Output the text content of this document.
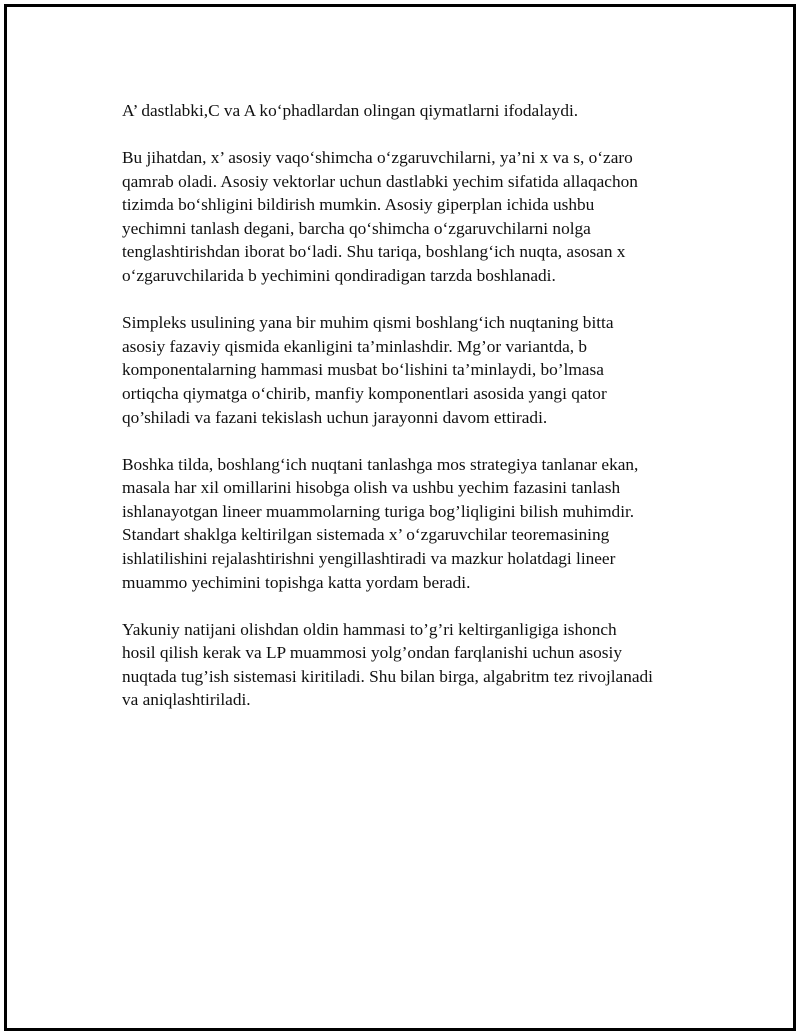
A’ dastlabki,C va A ko‘phadlardan olingan qiymatlarni ifodalaydi.

Bu jihatdan, x’ asosiy vaqo‘shimcha o‘zgaruvchilarni, ya’ni x va s, o‘zaro
qamrab oladi. Asosiy vektorlar uchun dastlabki yechim sifatida allaqachon
tizimda bo‘shligini bildirish mumkin. Asosiy giperplan ichida ushbu
yechimni tanlash degani, barcha qo‘shimcha o‘zgaruvchilarni nolga
tenglashtirishdan iborat bo‘ladi. Shu tariqa, boshlang‘ich nuqta, asosan x
o‘zgaruvchilarida b yechimini qondiradigan tarzda boshlanadi.

Simpleks usulining yana bir muhim qismi boshlang‘ich nuqtaning bitta
asosiy fazaviy qismida ekanligini ta’minlashdir. Mg’or variantda, b
komponentalarning hammasi musbat bo‘lishini ta’minlaydi, bo’lmasa
ortiqcha qiymatga o‘chirib, manfiy komponentlari asosida yangi qator
qo’shiladi va fazani tekislash uchun jarayonni davom ettiradi.

Boshka tilda, boshlang‘ich nuqtani tanlashga mos strategiya tanlanar ekan,
masala har xil omillarini hisobga olish va ushbu yechim fazasini tanlash
ishlanayotgan lineer muammolarning turiga bog’liqligini bilish muhimdir.
Standart shaklga keltirilgan sistemada x’ o‘zgaruvchilar teoremasining
ishlatilishini rejalashtirishni yengillashtiradi va mazkur holatdagi lineer
muammo yechimini topishga katta yordam beradi.

Yakuniy natijani olishdan oldin hammasi to’g’ri keltirganligiga ishonch
hosil qilish kerak va LP muammosi yolg’ondan farqlanishi uchun asosiy
nuqtada tug’ish sistemasi kiritiladi. Shu bilan birga, algabritm tez rivojlanadi
va aniqlashtiriladi.
